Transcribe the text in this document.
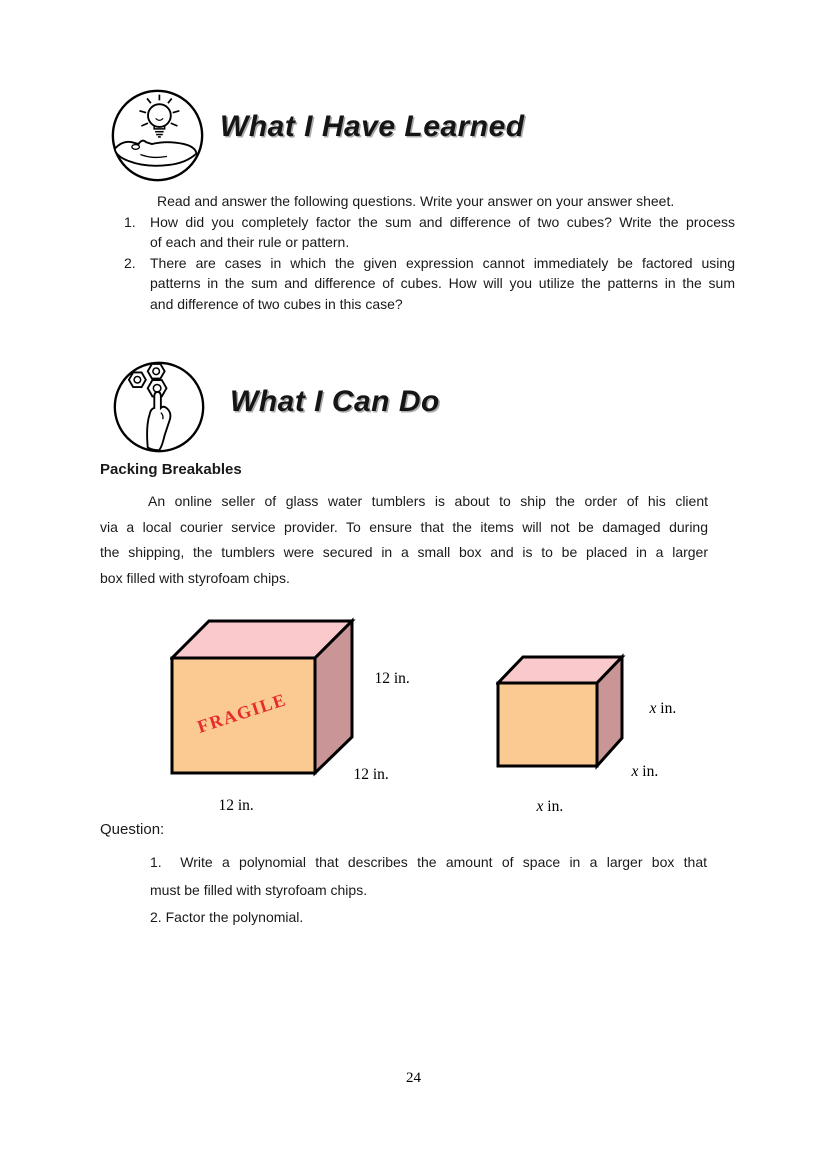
What I Have Learned
Read and answer the following questions. Write your answer on your answer sheet.
1.	How did you completely factor the sum and difference of two cubes? Write the process
of each and their rule or pattern.
2.	There are cases in which the given expression cannot immediately be factored using
patterns in the sum and difference of cubes. How will you utilize the patterns in the sum
and difference of two cubes in this case?
What I Can Do
Packing Breakables
An online seller of glass water tumblers is about to ship the order of his client
via a local courier service provider. To ensure that the items will not be damaged during
the shipping, the tumblers were secured in a small box and is to be placed in a larger
box filled with styrofoam chips.
FRAGILE

12 in.

12 in.

12 in.

x in.

x in.

x in.

Question:
1.  Write a polynomial that describes the amount of space in a larger box that
must be filled with styrofoam chips.
2. Factor the polynomial.
24
